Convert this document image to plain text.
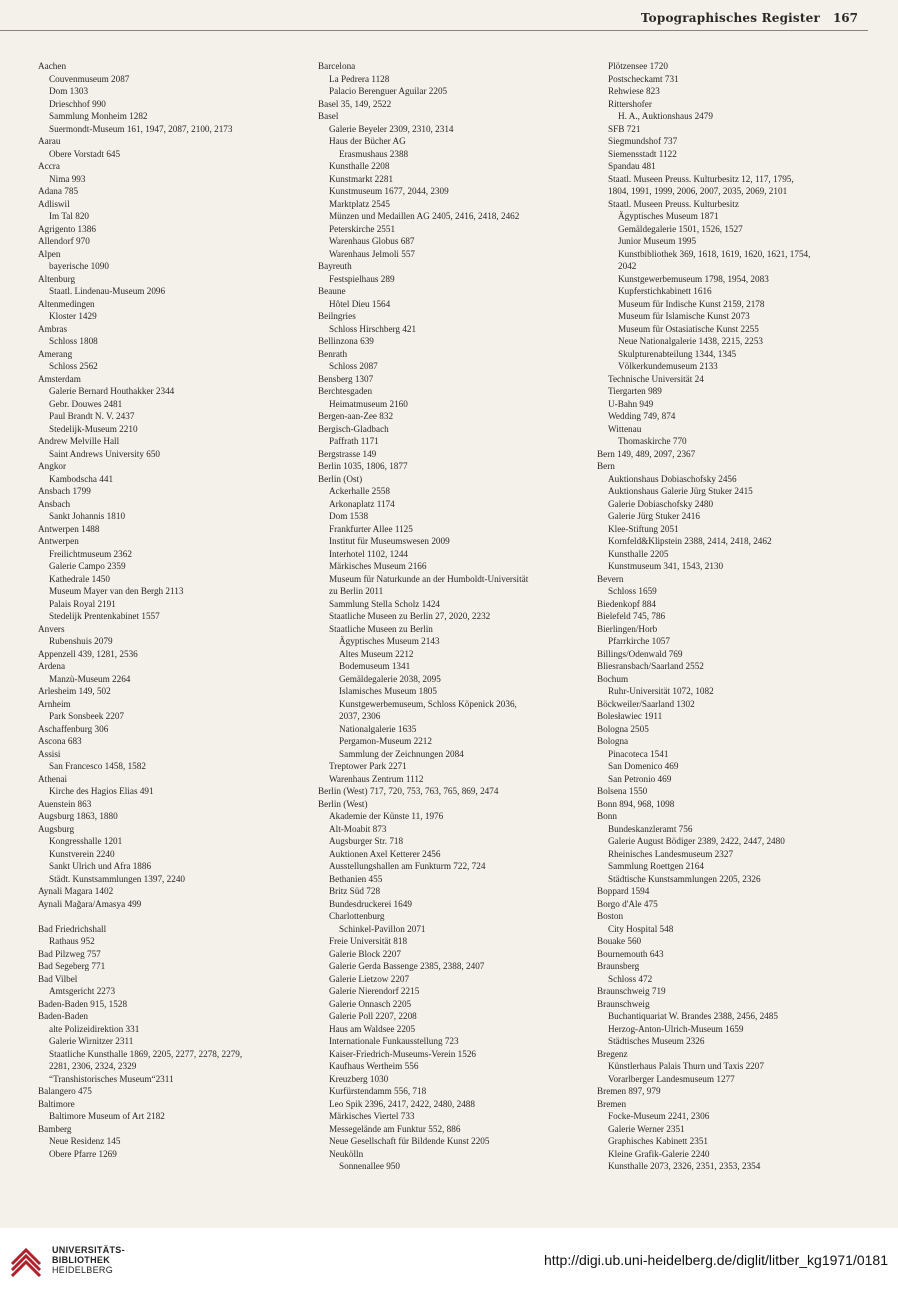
Topographisches Register 167
Aachen
Couvenmuseum 2087
Dom 1303
Drieschhof 990
Sammlung Monheim 1282
Suermondt-Museum 161, 1947, 2087, 2100, 2173
Aarau
Obere Vorstadt 645
Accra
Nima 993
Adana 785
Adliswil
Im Tal 820
Agrigento 1386
Allendorf 970
Alpen
bayerische 1090
Altenburg
Staatl. Lindenau-Museum 2096
Altenmedingen
Kloster 1429
Ambras
Schloss 1808
Amerang
Schloss 2562
Amsterdam
Galerie Bernard Houthakker 2344
Gebr. Douwes 2481
Paul Brandt N. V. 2437
Stedelijk-Museum 2210
Andrew Melville Hall
Saint Andrews University 650
Angkor
Kambodscha 441
Ansbach 1799
Ansbach
Sankt Johannis 1810
Antwerpen 1488
Antwerpen
Freilichtmuseum 2362
Galerie Campo 2359
Kathedrale 1450
Museum Mayer van den Bergh 2113
Palais Royal 2191
Stedelijk Prentenkabinet 1557
Anvers
Rubenshuis 2079
Appenzell 439, 1281, 2536
Ardena
Manzù-Museum 2264
Arlesheim 149, 502
Arnheim
Park Sonsbeek 2207
Aschaffenburg 306
Ascona 683
Assisi
San Francesco 1458, 1582
Athenai
Kirche des Hagios Elias 491
Auenstein 863
Augsburg 1863, 1880
Augsburg
Kongresshalle 1201
Kunstverein 2240
Sankt Ulrich und Afra 1886
Städt. Kunstsammlungen 1397, 2240
Aynali Magara 1402
Aynali Mağara/Amasya 499
Bad Friedrichshall
Rathaus 952
Bad Pilzweg 757
Bad Segeberg 771
Bad Vilbel
Amtsgericht 2273
Baden-Baden 915, 1528
Baden-Baden
alte Polizeidirektion 331
Galerie Wirnitzer 2311
Staatliche Kunsthalle 1869, 2205, 2277, 2278, 2279,
2281, 2306, 2324, 2329
“Transhistorisches Museum“2311
Balangero 475
Baltimore
Baltimore Museum of Art 2182
Bamberg
Neue Residenz 145
Obere Pfarre 1269
Barcelona
La Pedrera 1128
Palacio Berenguer Aguilar 2205
Basel 35, 149, 2522
Basel
Galerie Beyeler 2309, 2310, 2314
Haus der Bücher AG
Erasmushaus 2388
Kunsthalle 2208
Kunstmarkt 2281
Kunstmuseum 1677, 2044, 2309
Marktplatz 2545
Münzen und Medaillen AG 2405, 2416, 2418, 2462
Peterskirche 2551
Warenhaus Globus 687
Warenhaus Jelmoli 557
Bayreuth
Festspielhaus 289
Beaune
Hôtel Dieu 1564
Beilngries
Schloss Hirschberg 421
Bellinzona 639
Benrath
Schloss 2087
Bensberg 1307
Berchtesgaden
Heimatmuseum 2160
Bergen-aan-Zee 832
Bergisch-Gladbach
Paffrath 1171
Bergstrasse 149
Berlin 1035, 1806, 1877
Berlin (Ost)
Ackerhalle 2558
Arkonaplatz 1174
Dom 1538
Frankfurter Allee 1125
Institut für Museumswesen 2009
Interhotel 1102, 1244
Märkisches Museum 2166
Museum für Naturkunde an der Humboldt-Universität
zu Berlin 2011
Sammlung Stella Scholz 1424
Staatliche Museen zu Berlin 27, 2020, 2232
Staatliche Museen zu Berlin
Ägyptisches Museum 2143
Altes Museum 2212
Bodemuseum 1341
Gemäldegalerie 2038, 2095
Islamisches Museum 1805
Kunstgewerbemuseum, Schloss Köpenick 2036,
2037, 2306
Nationalgalerie 1635
Pergamon-Museum 2212
Sammlung der Zeichnungen 2084
Treptower Park 2271
Warenhaus Zentrum 1112
Berlin (West) 717, 720, 753, 763, 765, 869, 2474
Berlin (West)
Akademie der Künste 11, 1976
Alt-Moabit 873
Augsburger Str. 718
Auktionen Axel Ketterer 2456
Ausstellungshallen am Funkturm 722, 724
Bethanien 455
Britz Süd 728
Bundesdruckerei 1649
Charlottenburg
Schinkel-Pavillon 2071
Freie Universität 818
Galerie Block 2207
Galerie Gerda Bassenge 2385, 2388, 2407
Galerie Lietzow 2207
Galerie Nierendorf 2215
Galerie Onnasch 2205
Galerie Poll 2207, 2208
Haus am Waldsee 2205
Internationale Funkausstellung 723
Kaiser-Friedrich-Museums-Verein 1526
Kaufhaus Wertheim 556
Kreuzberg 1030
Kurfürstendamm 556, 718
Leo Spik 2396, 2417, 2422, 2480, 2488
Märkisches Viertel 733
Messegelände am Funktur 552, 886
Neue Gesellschaft für Bildende Kunst 2205
Neukölln
Sonnenallee 950
Plötzensee 1720
Postscheckamt 731
Rehwiese 823
Rittershofer
H. A., Auktionshaus 2479
SFB 721
Siegmundshof 737
Siemensstadt 1122
Spandau 481
Staatl. Museen Preuss. Kulturbesitz 12, 117, 1795,
1804, 1991, 1999, 2006, 2007, 2035, 2069, 2101
Staatl. Museen Preuss. Kulturbesitz
Ägyptisches Museum 1871
Gemäldegalerie 1501, 1526, 1527
Junior Museum 1995
Kunstbibliothek 369, 1618, 1619, 1620, 1621, 1754,
2042
Kunstgewerbemuseum 1798, 1954, 2083
Kupferstichkabinett 1616
Museum für Indische Kunst 2159, 2178
Museum für Islamische Kunst 2073
Museum für Ostasiatische Kunst 2255
Neue Nationalgalerie 1438, 2215, 2253
Skulpturenabteilung 1344, 1345
Völkerkundemuseum 2133
Technische Universität 24
Tiergarten 989
U-Bahn 949
Wedding 749, 874
Wittenau
Thomaskirche 770
Bern 149, 489, 2097, 2367
Bern
Auktionshaus Dobiaschofsky 2456
Auktionshaus Galerie Jürg Stuker 2415
Galerie Dobiaschofsky 2480
Galerie Jürg Stuker 2416
Klee-Stiftung 2051
Kornfeld&Klipstein 2388, 2414, 2418, 2462
Kunsthalle 2205
Kunstmuseum 341, 1543, 2130
Bevern
Schloss 1659
Biedenkopf 884
Bielefeld 745, 786
Bierlingen/Horb
Pfarrkirche 1057
Billings/Odenwald 769
Bliesransbach/Saarland 2552
Bochum
Ruhr-Universität 1072, 1082
Böckweiler/Saarland 1302
Bolesławiec 1911
Bologna 2505
Bologna
Pinacoteca 1541
San Domenico 469
San Petronio 469
Bolsena 1550
Bonn 894, 968, 1098
Bonn
Bundeskanzleramt 756
Galerie August Bödiger 2389, 2422, 2447, 2480
Rheinisches Landesmuseum 2327
Sammlung Roettgen 2164
Städtische Kunstsammlungen 2205, 2326
Boppard 1594
Borgo d'Ale 475
Boston
City Hospital 548
Bouake 560
Bournemouth 643
Braunsberg
Schloss 472
Braunschweig 719
Braunschweig
Buchantiquariat W. Brandes 2388, 2456, 2485
Herzog-Anton-Ulrich-Museum 1659
Städtisches Museum 2326
Bregenz
Künstlerhaus Palais Thurn und Taxis 2207
Vorarlberger Landesmuseum 1277
Bremen 897, 979
Bremen
Focke-Museum 2241, 2306
Galerie Werner 2351
Graphisches Kabinett 2351
Kleine Grafik-Galerie 2240
Kunsthalle 2073, 2326, 2351, 2353, 2354
UNIVERSITÄTS-
BIBLIOTHEK
HEIDELBERG
http://digi.ub.uni-heidelberg.de/diglit/litber_kg1971/0181
